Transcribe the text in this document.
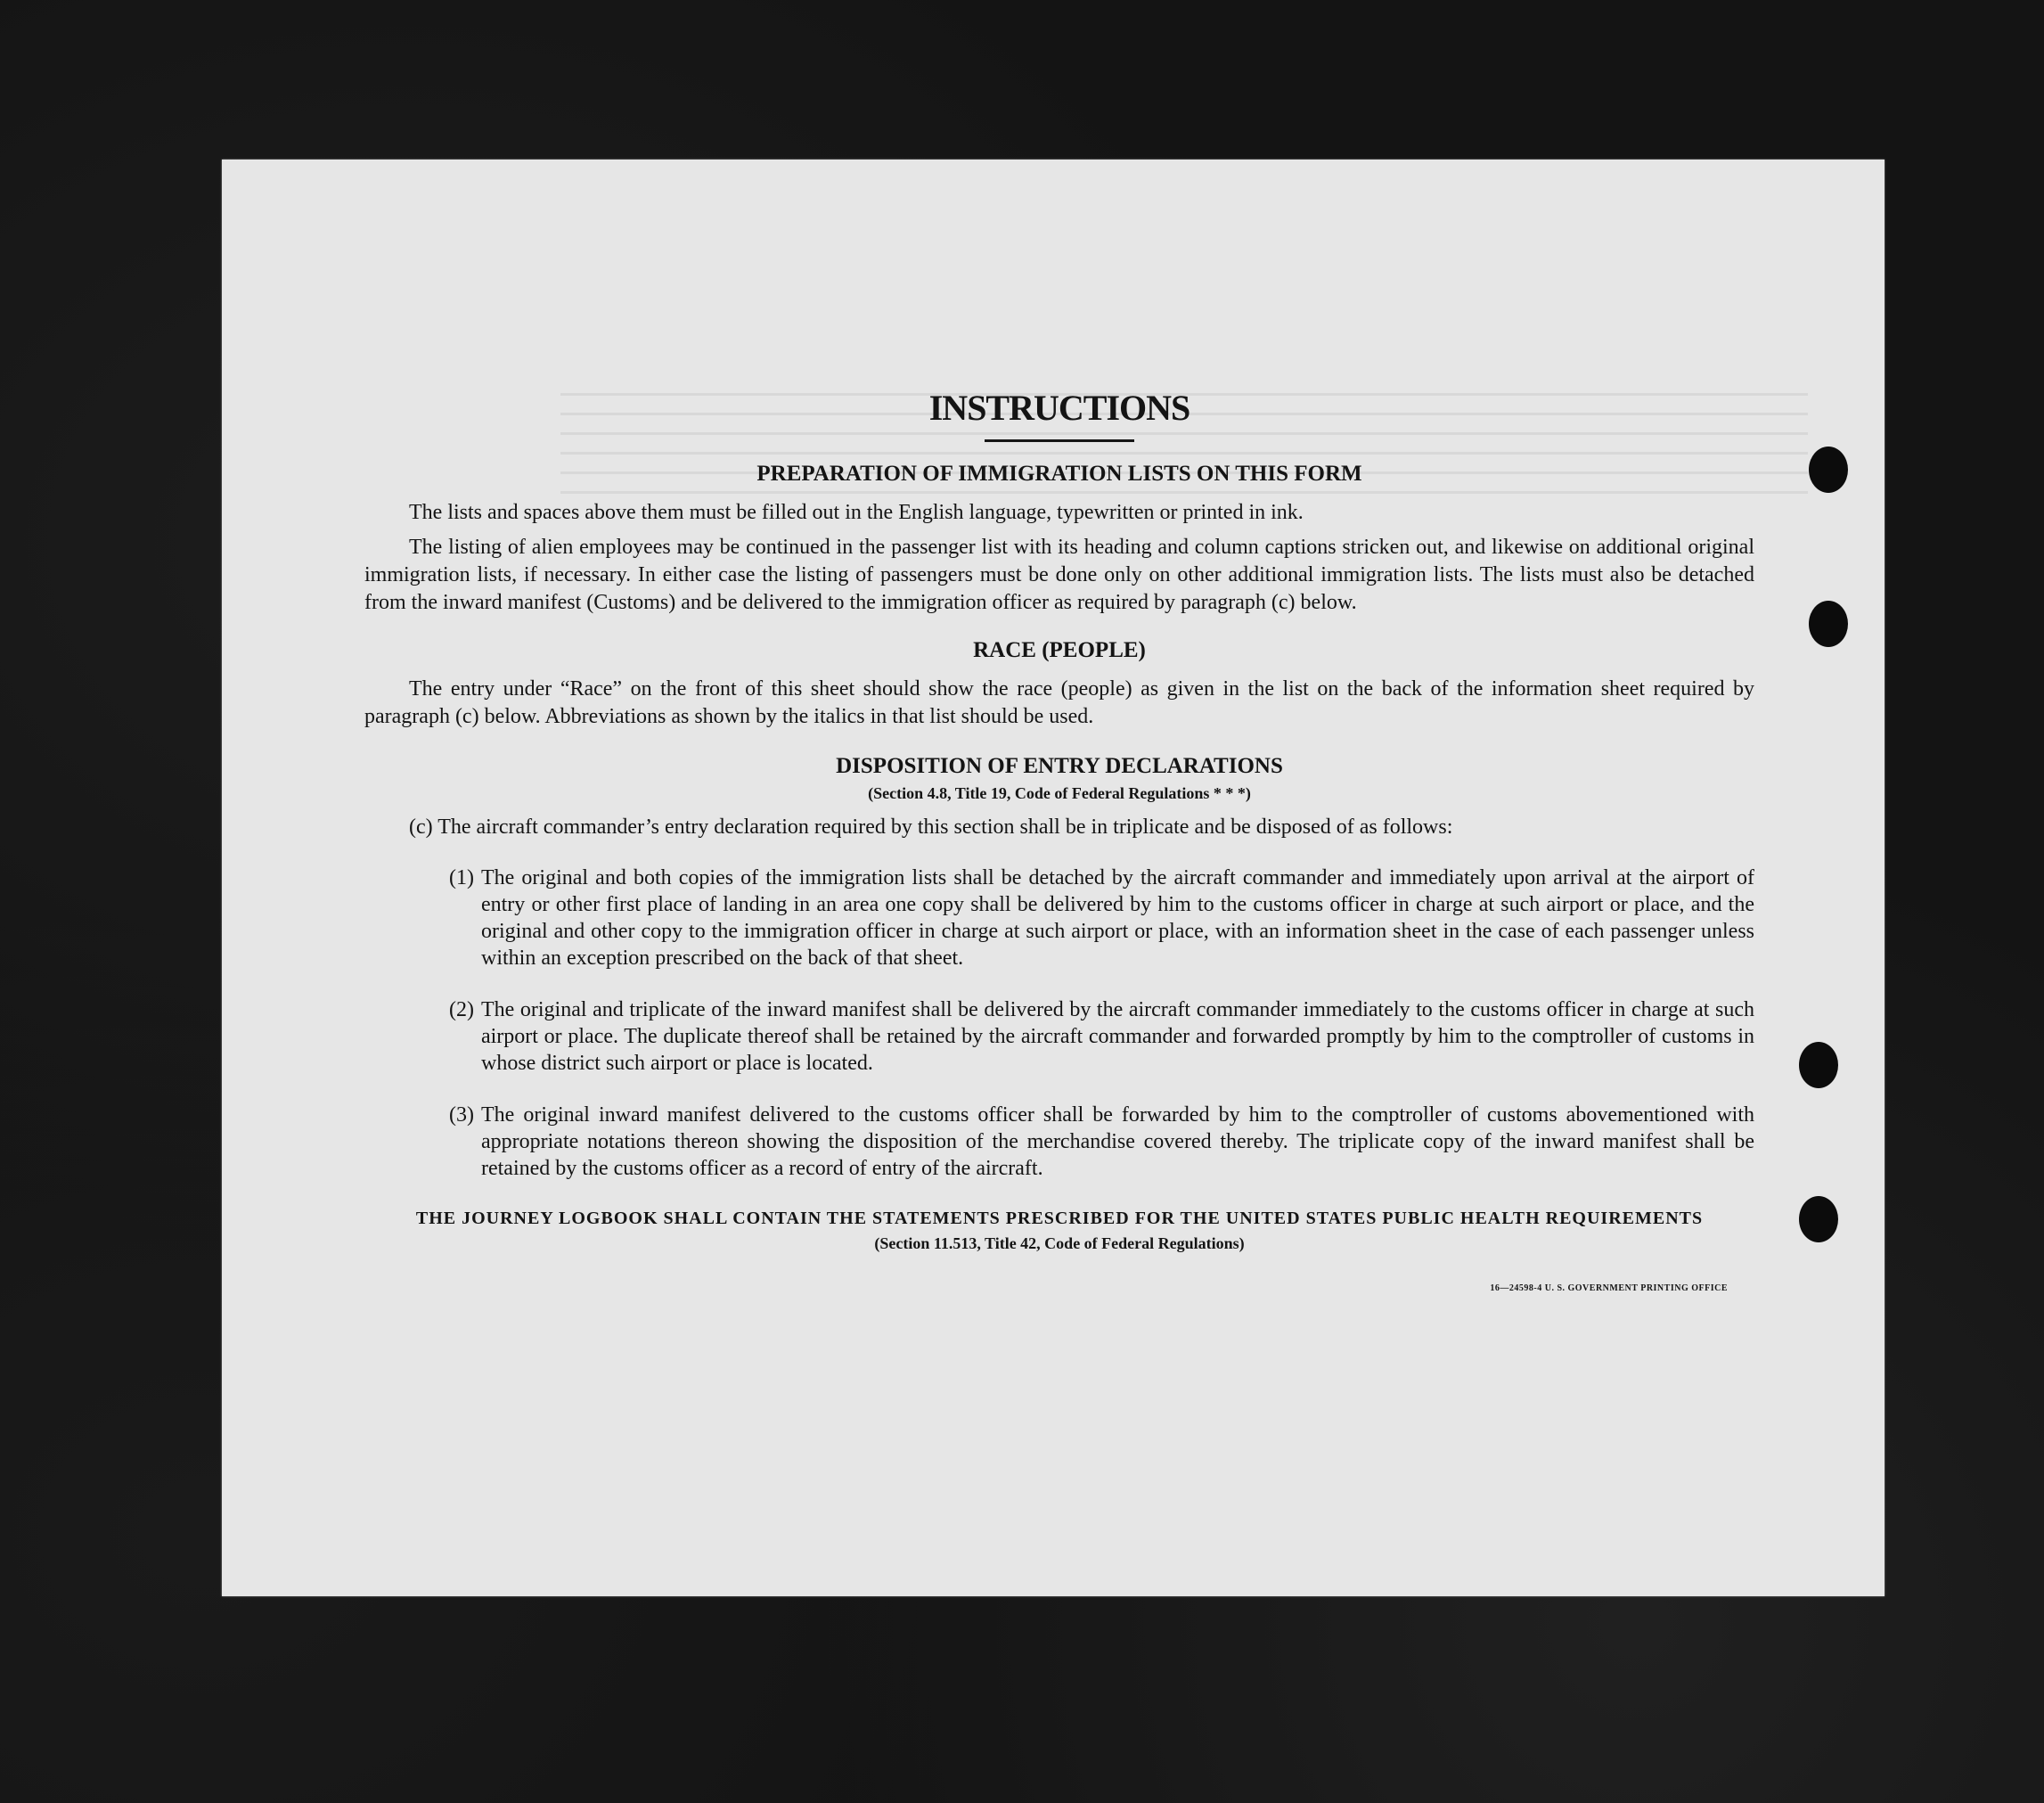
INSTRUCTIONS
PREPARATION OF IMMIGRATION LISTS ON THIS FORM

The lists and spaces above them must be filled out in the English language, typewritten or printed in ink.

The listing of alien employees may be continued in the passenger list with its heading and column captions stricken out, and likewise on additional original immigration lists, if necessary. In either case the listing of passengers must be done only on other additional immigration lists. The lists must also be detached from the inward manifest (Customs) and be delivered to the immigration officer as required by paragraph (c) below.

RACE (PEOPLE)

The entry under “Race” on the front of this sheet should show the race (people) as given in the list on the back of the information sheet required by paragraph (c) below. Abbreviations as shown by the italics in that list should be used.

DISPOSITION OF ENTRY DECLARATIONS
(Section 4.8, Title 19, Code of Federal Regulations * * *)

(c) The aircraft commander’s entry declaration required by this section shall be in triplicate and be disposed of as follows:

(1) The original and both copies of the immigration lists shall be detached by the aircraft commander and immediately upon arrival at the airport of entry or other first place of landing in an area one copy shall be delivered by him to the customs officer in charge at such airport or place, and the original and other copy to the immigration officer in charge at such airport or place, with an information sheet in the case of each passenger unless within an exception prescribed on the back of that sheet.
(2) The original and triplicate of the inward manifest shall be delivered by the aircraft commander immediately to the customs officer in charge at such airport or place. The duplicate thereof shall be retained by the aircraft commander and forwarded promptly by him to the comptroller of customs in whose district such airport or place is located.
(3) The original inward manifest delivered to the customs officer shall be forwarded by him to the comptroller of customs abovementioned with appropriate notations thereon showing the disposition of the merchandise covered thereby. The triplicate copy of the inward manifest shall be retained by the customs officer as a record of entry of the aircraft.
THE JOURNEY LOGBOOK SHALL CONTAIN THE STATEMENTS PRESCRIBED FOR THE UNITED STATES PUBLIC HEALTH REQUIREMENTS
(Section 11.513, Title 42, Code of Federal Regulations)
16—24598-4 U. S. GOVERNMENT PRINTING OFFICE
